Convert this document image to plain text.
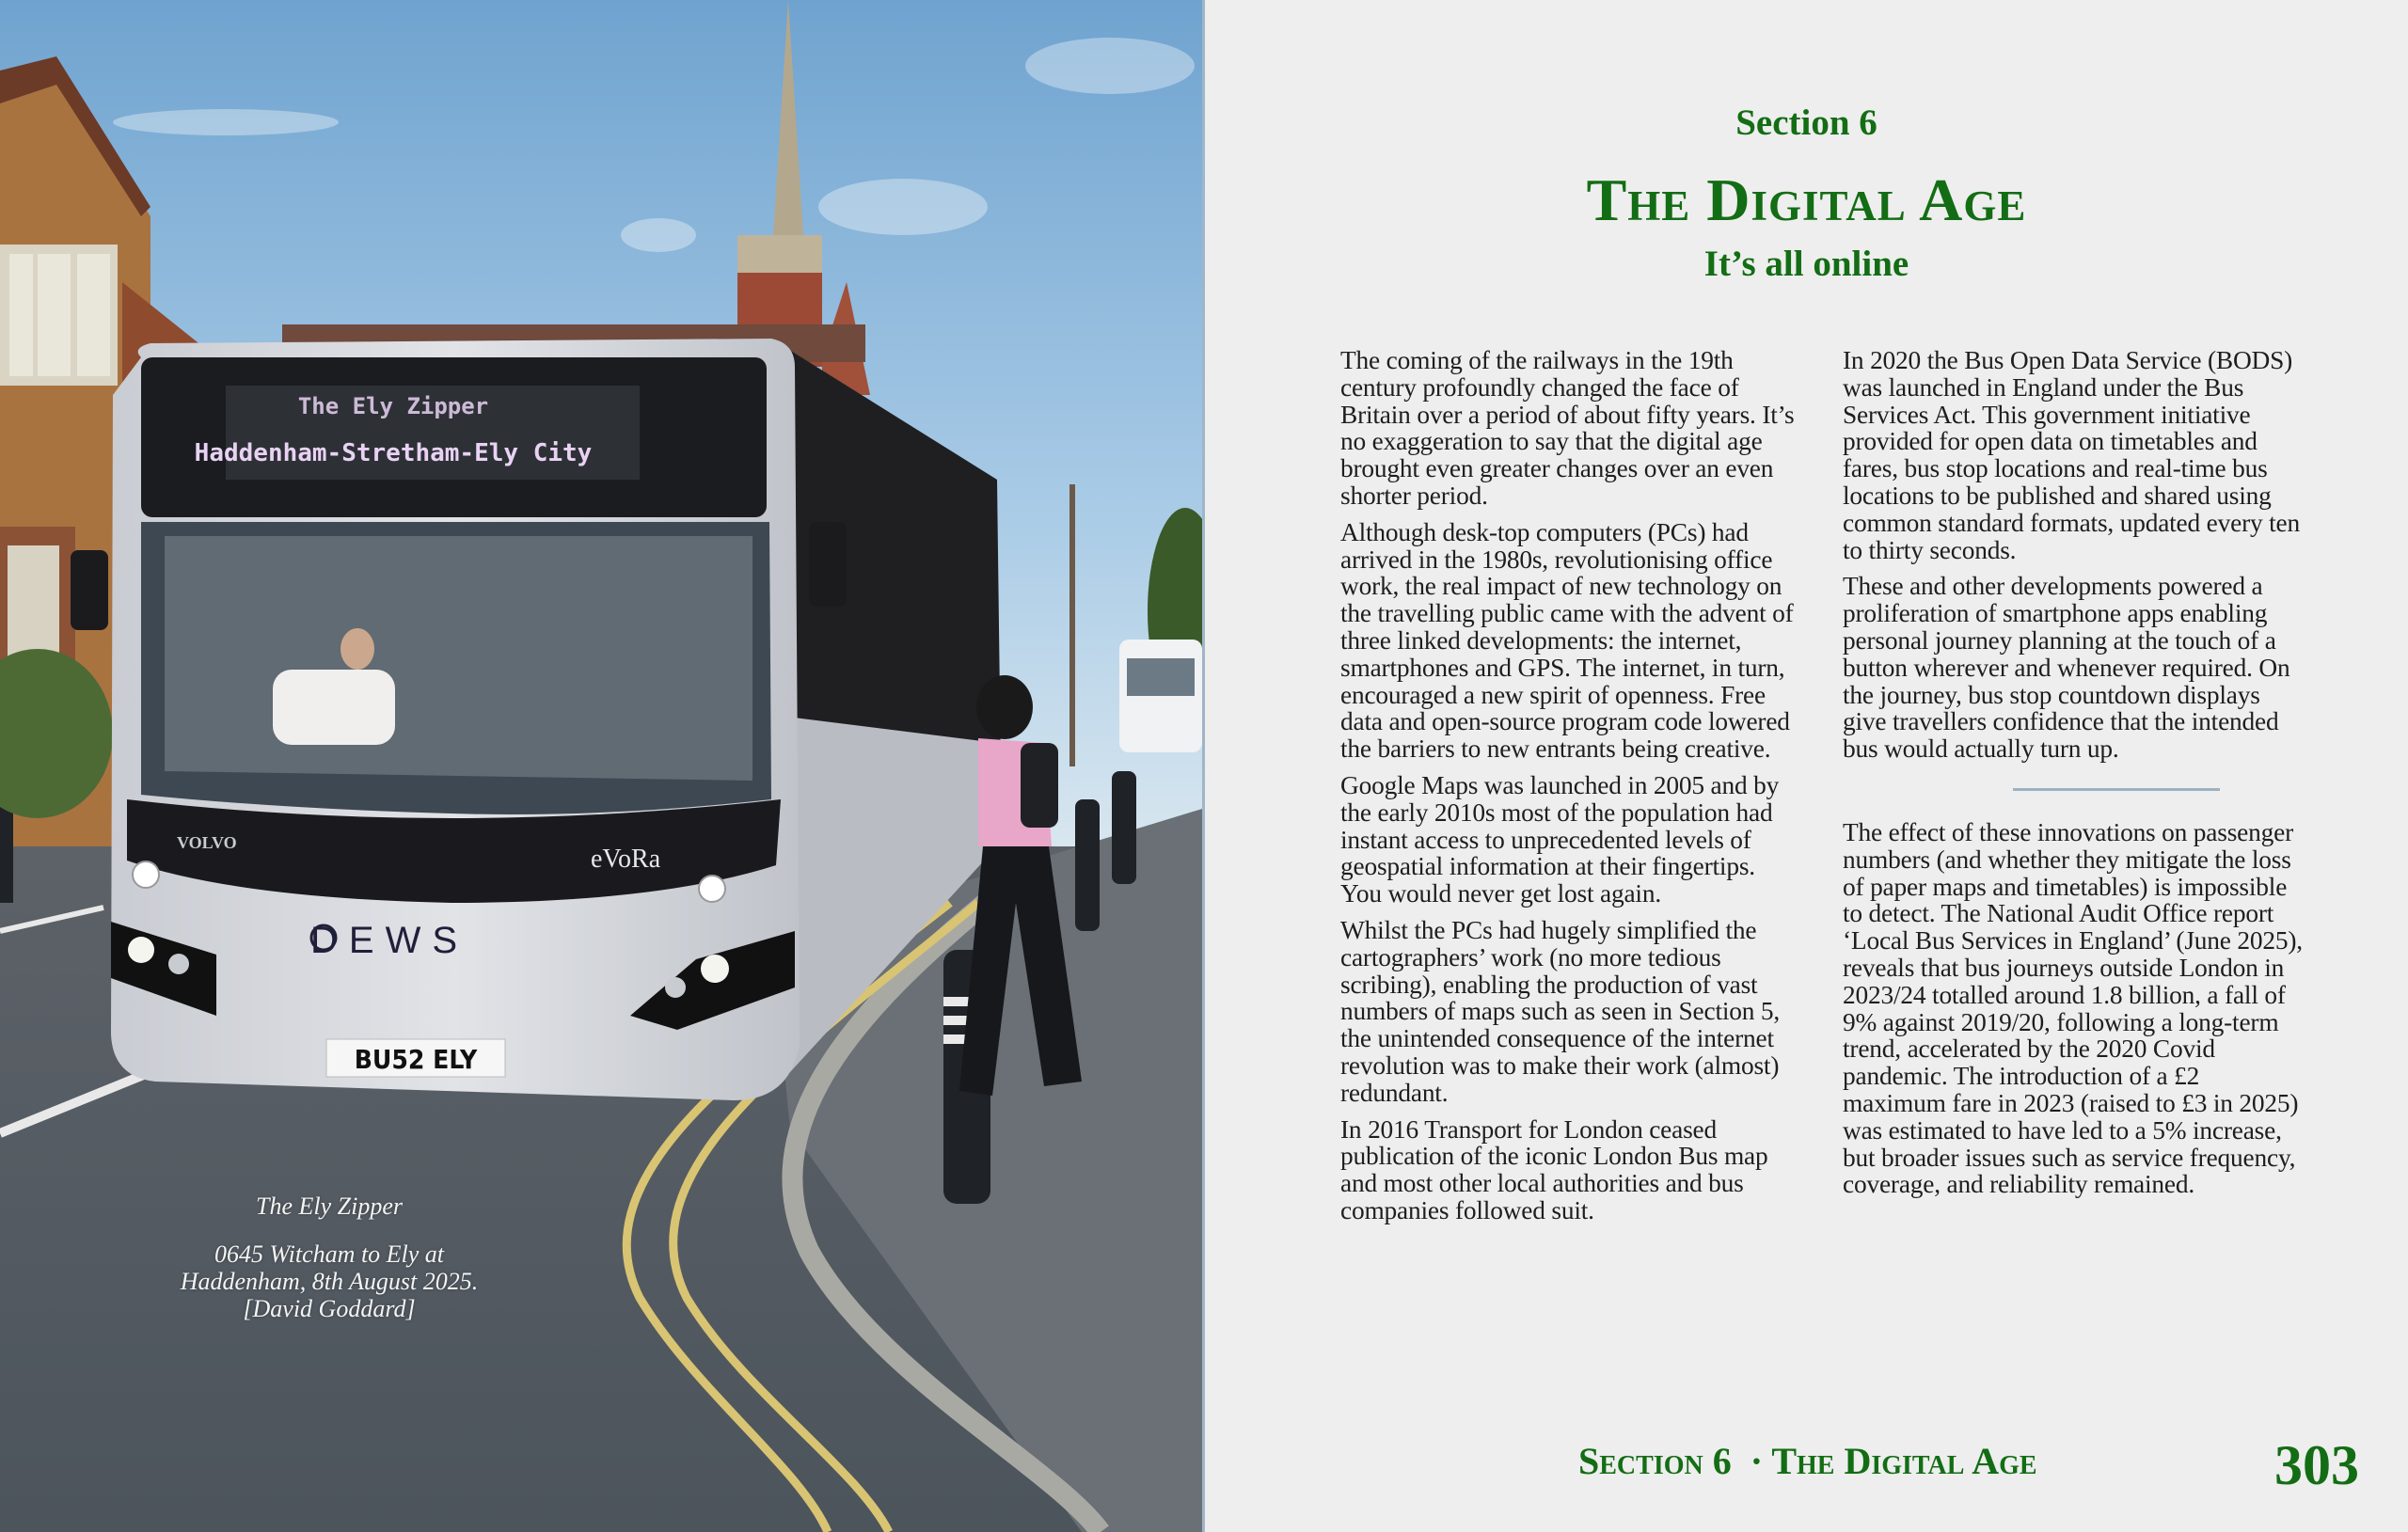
VOLVO
eVoRa
DEWS
BU52 ELY
The Ely Zipper
Haddenham-Stretham-Ely City
The Ely Zipper
0645 Witcham to Ely at
Haddenham, 8th August 2025.
[David Goddard]
Section 6
The Digital Age
It’s all online

The coming of the railways in the 19th century profoundly changed the face of Britain over a period of about fifty years. It’s no exaggeration to say that the digital age brought even greater changes over an even shorter period.

Although desk-top computers (PCs) had arrived in the 1980s, revolutionising office work, the real impact of new technology on the travelling public came with the advent of three linked developments: the internet, smartphones and GPS. The internet, in turn, encouraged a new spirit of openness. Free data and open-source program code lowered the barriers to new entrants being creative.

Google Maps was launched in 2005 and by the early 2010s most of the population had instant access to unprecedented levels of geospatial information at their fingertips. You would never get lost again.

Whilst the PCs had hugely simplified the cartographers’ work (no more tedious scribing), enabling the production of vast numbers of maps such as seen in Section 5, the unintended consequence of the internet revolution was to make their work (almost) redundant.

In 2016 Transport for London ceased publication of the iconic London Bus map and most other local authorities and bus companies followed suit.

In 2020 the Bus Open Data Service (BODS) was launched in England under the Bus Services Act. This government initiative provided for open data on timetables and fares, bus stop locations and real-time bus locations to be published and shared using common standard formats, updated every ten to thirty seconds.

These and other developments powered a proliferation of smartphone apps enabling personal journey planning at the touch of a button wherever and whenever required. On the journey, bus stop countdown displays give travellers confidence that the intended bus would actually turn up.

The effect of these innovations on passenger numbers (and whether they mitigate the loss of paper maps and timetables) is impossible to detect. The National Audit Office report ‘Local Bus Services in England’ (June 2025), reveals that bus journeys outside London in 2023/24 totalled around 1.8 billion, a fall of 9% against 2019/20, following a long-term trend, accelerated by the 2020 Covid pandemic. The introduction of a £2 maximum fare in 2023 (raised to £3 in 2025) was estimated to have led to a 5% increase, but broader issues such as service frequency, coverage, and reliability remained.

Section 6  · The Digital Age	303
